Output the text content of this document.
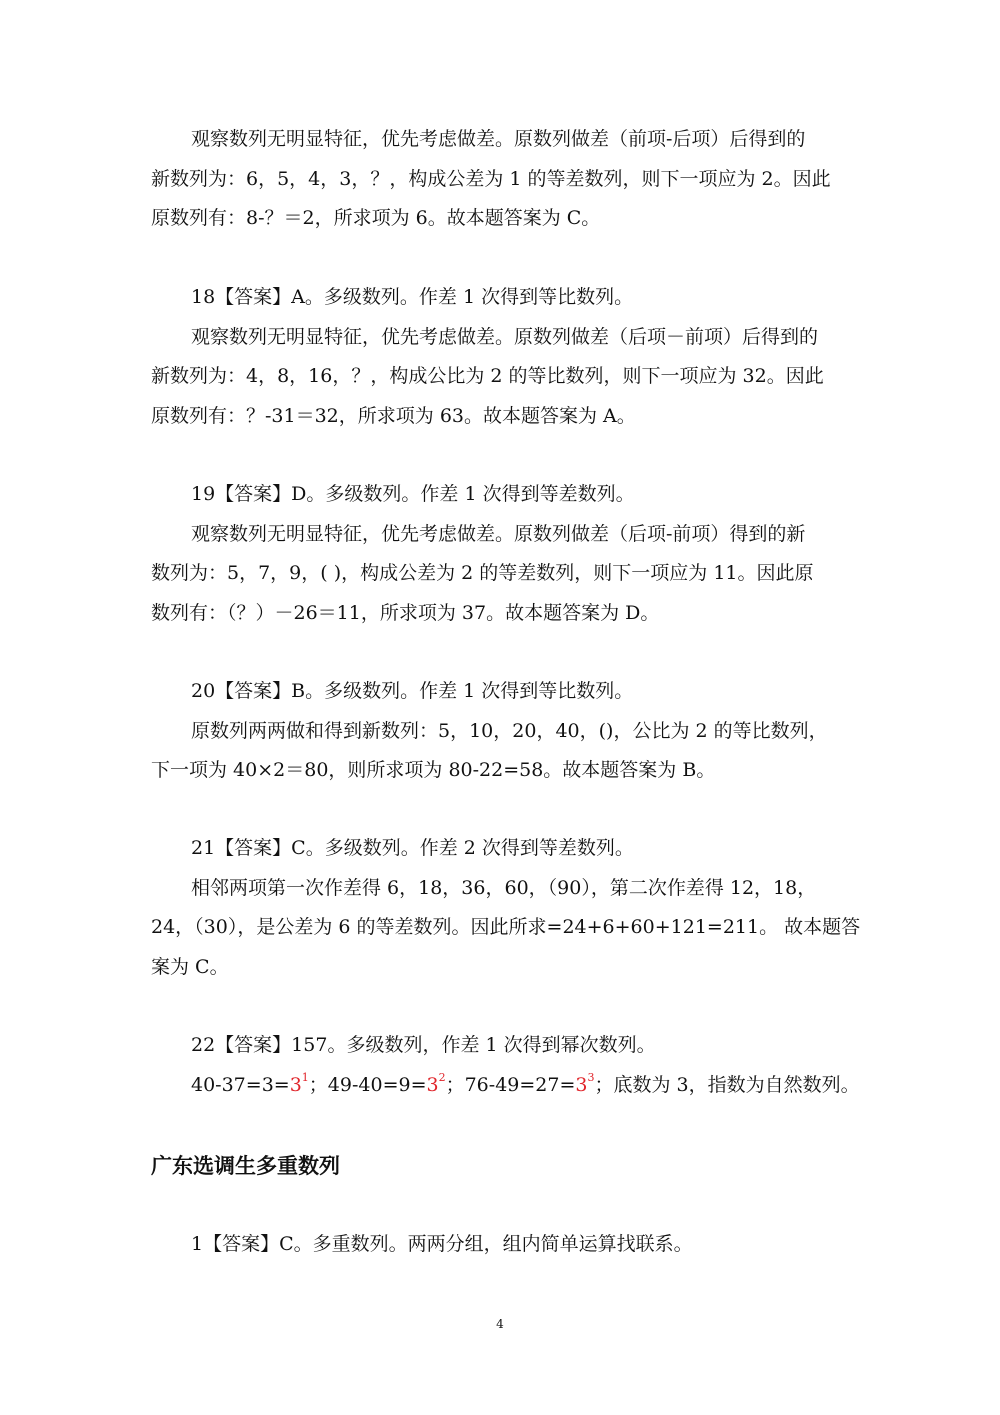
观察数列无明显特征，优先考虑做差。原数列做差（前项-后项）后得到的
新数列为：6，5，4，3，？，构成公差为 1 的等差数列，则下一项应为 2。因此
原数列有：8-？＝2，所求项为 6。故本题答案为 C。
18【答案】A。多级数列。作差 1 次得到等比数列。
观察数列无明显特征，优先考虑做差。原数列做差（后项－前项）后得到的
新数列为：4，8，16，？，构成公比为 2 的等比数列，则下一项应为 32。因此
原数列有：？-31＝32，所求项为 63。故本题答案为 A。
19【答案】D。多级数列。作差 1 次得到等差数列。
观察数列无明显特征，优先考虑做差。原数列做差（后项-前项）得到的新
数列为：5，7，9，( )，构成公差为 2 的等差数列，则下一项应为 11。因此原
数列有：（？）－26＝11，所求项为 37。故本题答案为 D。
20【答案】B。多级数列。作差 1 次得到等比数列。
原数列两两做和得到新数列：5，10，20，40，()，公比为 2 的等比数列，
下一项为 40×2＝80，则所求项为 80-22=58。故本题答案为 B。
21【答案】C。多级数列。作差 2 次得到等差数列。
相邻两项第一次作差得 6，18，36，60，（90），第二次作差得 12，18，
24，（30），是公差为 6 的等差数列。因此所求=24+6+60+121=211。 故本题答
案为 C。
22【答案】157。多级数列，作差 1 次得到幂次数列。
$40-37=3=3^1$；$49-40=9=3^2$；$76-49=27=3^3$；底数为 3，指数为自然数列。
广东选调生多重数列
1【答案】C。多重数列。两两分组，组内简单运算找联系。
4
